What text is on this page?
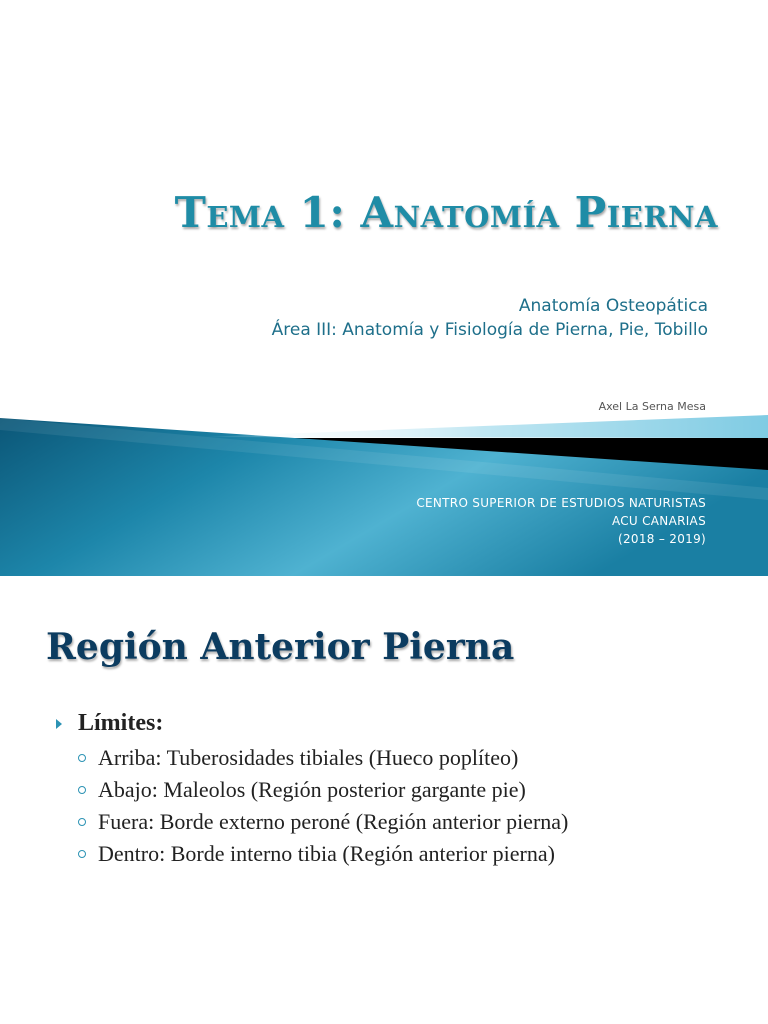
Tema 1: Anatomía Pierna
Anatomía Osteopática
Área III: Anatomía y Fisiología de Pierna, Pie, Tobillo
Axel La Serna Mesa
CENTRO SUPERIOR DE ESTUDIOS NATURISTAS
ACU CANARIAS
(2018 – 2019)
Región Anterior Pierna
Límites:
Arriba: Tuberosidades tibiales (Hueco poplíteo)
Abajo: Maleolos (Región posterior gargante pie)
Fuera: Borde externo peroné (Región anterior pierna)
Dentro: Borde interno tibia (Región anterior pierna)
